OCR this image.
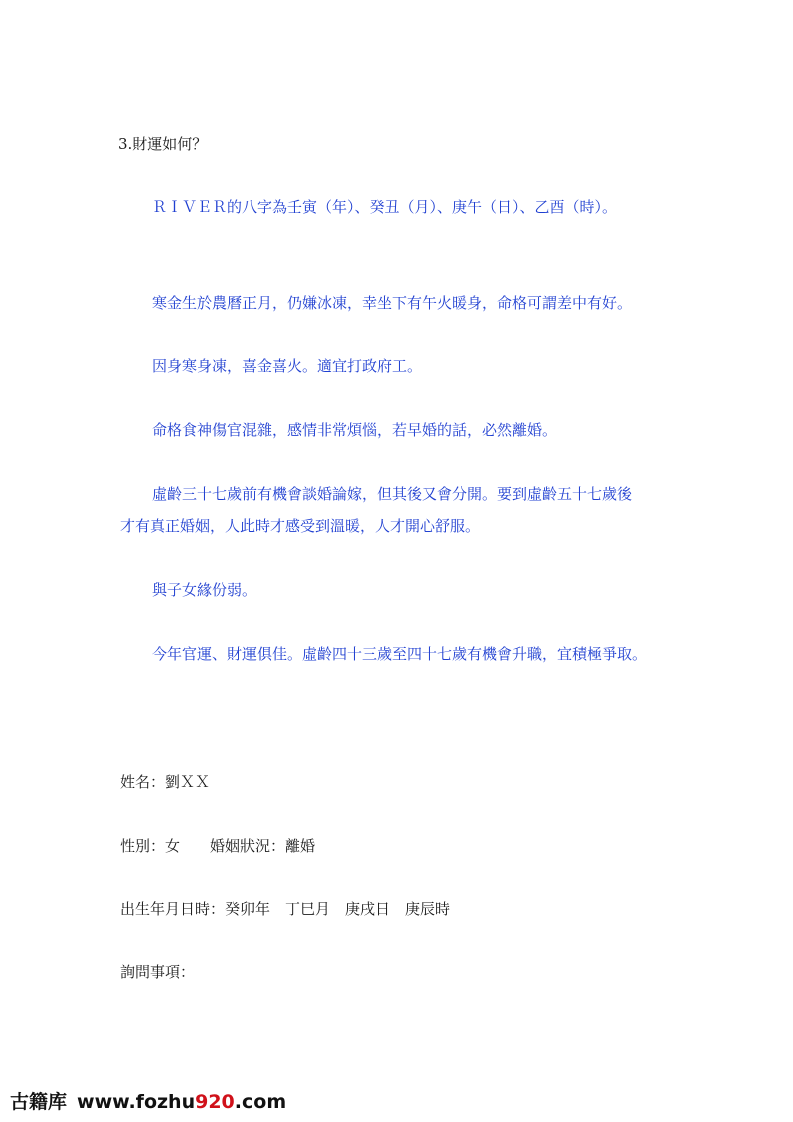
3.財運如何？
ＲＩＶＥＲ的八字為壬寅（年）、癸丑（月）、庚午（日）、乙酉（時）。
寒金生於農曆正月，仍嫌冰凍，幸坐下有午火暖身，命格可謂差中有好。
因身寒身凍，喜金喜火。適宜打政府工。
命格食神傷官混雜，感情非常煩惱，若早婚的話，必然離婚。
虛齡三十七歲前有機會談婚論嫁，但其後又會分開。要到虛齡五十七歲後
才有真正婚姻，人此時才感受到溫暖，人才開心舒服。
與子女緣份弱。
今年官運、財運俱佳。虛齡四十三歲至四十七歲有機會升職，宜積極爭取。
姓名：劉ＸＸ
性別：女　　婚姻狀況：離婚
出生年月日時：癸卯年　丁巳月　庚戌日　庚辰時
詢問事項：
古籍库 www.fozhu920.com
